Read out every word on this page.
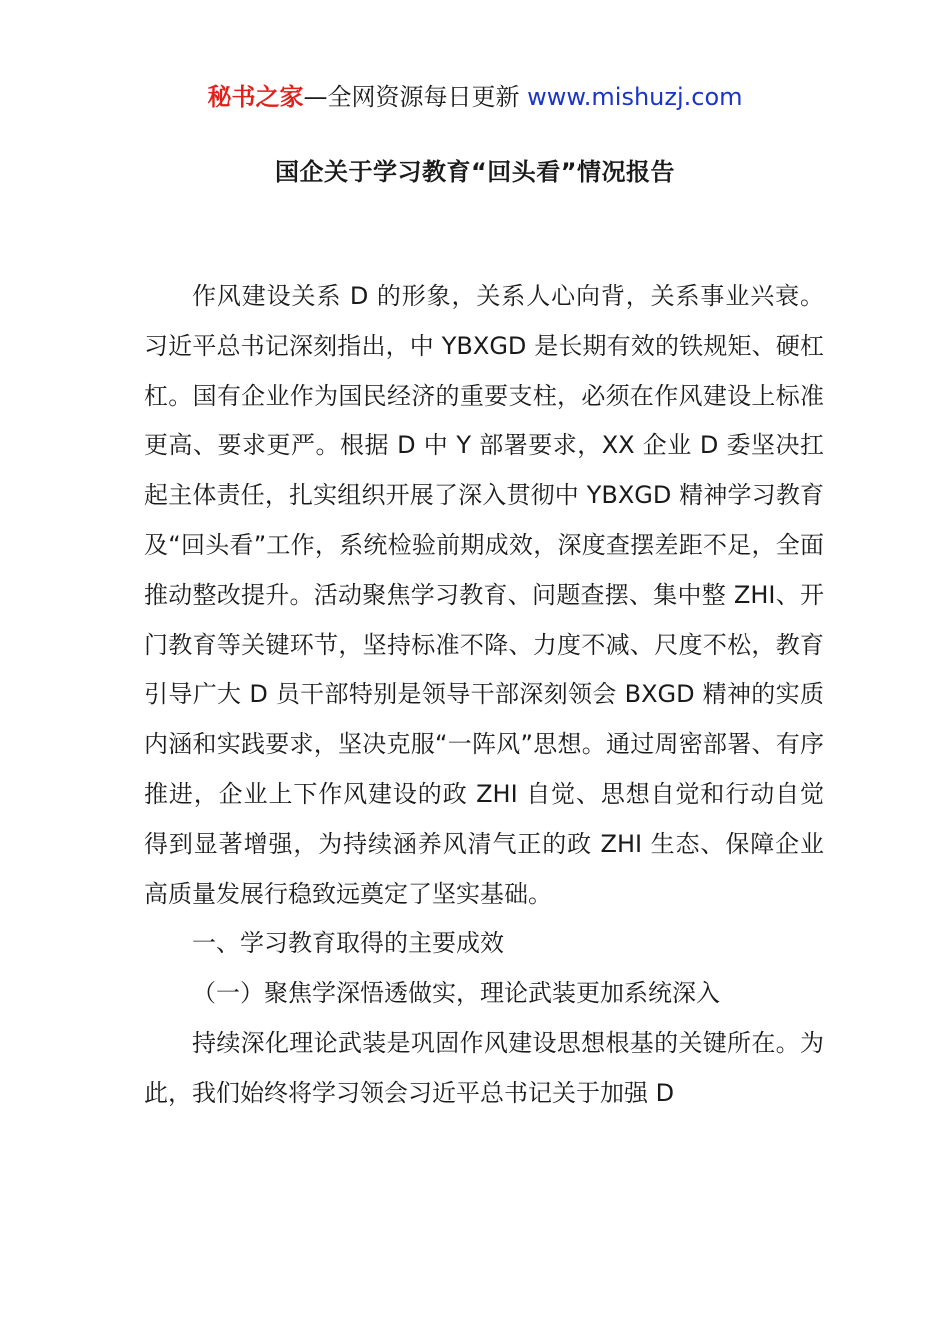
秘书之家—全网资源每日更新 www.mishuzj.com
国企关于学习教育“回头看”情况报告

作风建设关系 D 的形象，关系人心向背，关系事业兴衰。习近平总书记深刻指出，中 YBXGD 是长期有效的铁规矩、硬杠杠。国有企业作为国民经济的重要支柱，必须在作风建设上标准更高、要求更严。根据 D 中 Y 部署要求，XX 企业 D 委坚决扛起主体责任，扎实组织开展了深入贯彻中 YBXGD 精神学习教育及“回头看”工作，系统检验前期成效，深度查摆差距不足，全面推动整改提升。活动聚焦学习教育、问题查摆、集中整 ZHI、开门教育等关键环节，坚持标准不降、力度不减、尺度不松，教育引导广大 D 员干部特别是领导干部深刻领会 BXGD 精神的实质内涵和实践要求，坚决克服“一阵风”思想。通过周密部署、有序推进，企业上下作风建设的政 ZHI 自觉、思想自觉和行动自觉得到显著增强，为持续涵养风清气正的政 ZHI 生态、保障企业高质量发展行稳致远奠定了坚实基础。

一、学习教育取得的主要成效

（一）聚焦学深悟透做实，理论武装更加系统深入

持续深化理论武装是巩固作风建设思想根基的关键所在。为此，我们始终将学习领会习近平总书记关于加强 D
